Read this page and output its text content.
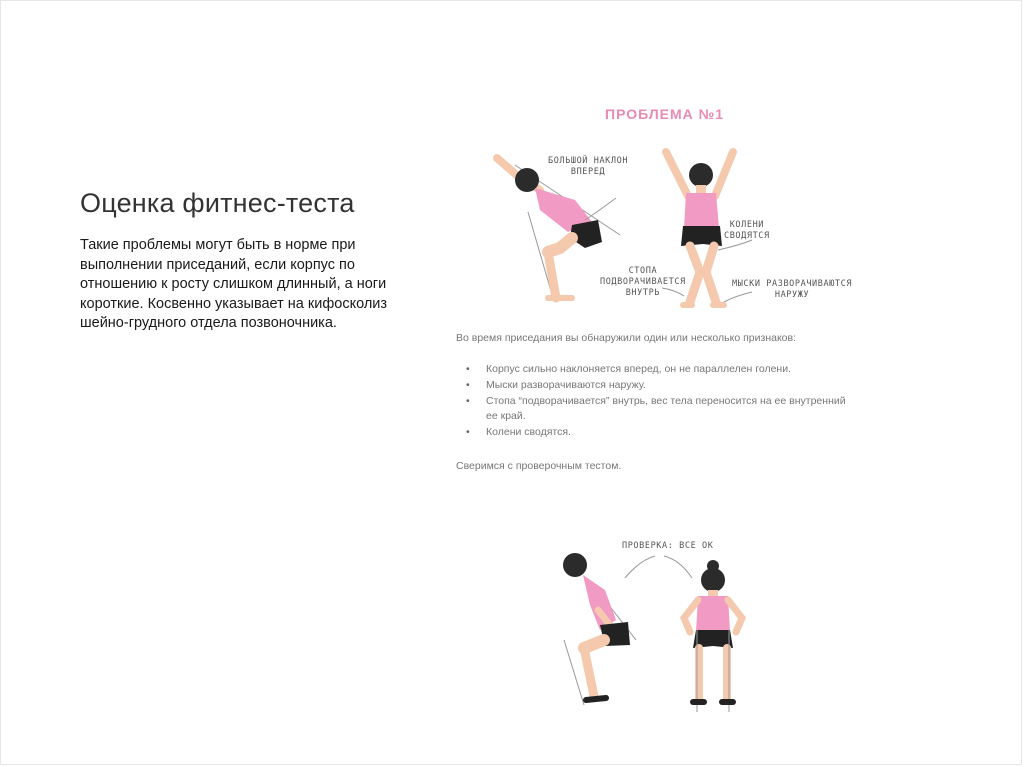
Оценка фитнес-теста

Такие проблемы могут быть в норме при выполнении приседаний, если корпус по отношению к росту слишком длинный, а ноги короткие. Косвенно указывает на кифосколиз шейно-грудного отдела позвоночника.

ПРОБЛЕМА №1
БОЛЬШОЙ НАКЛОН
ВПЕРЕД
КОЛЕНИ
СВОДЯТСЯ
СТОПА
ПОДВОРАЧИВАЕТСЯ
ВНУТРЬ
МЫСКИ РАЗВОРАЧИВАЮТСЯ
НАРУЖУ
Во время приседания вы обнаружили один или несколько признаков:
• Корпус сильно наклоняется вперед, он не параллелен голени.
• Мыски разворачиваются наружу.
• Стопа “подворачивается” внутрь, вес тела переносится на ее внутренний ее край.
• Колени сводятся.
Сверимся с проверочным тестом.
ПРОВЕРКА: ВСЕ ОК
